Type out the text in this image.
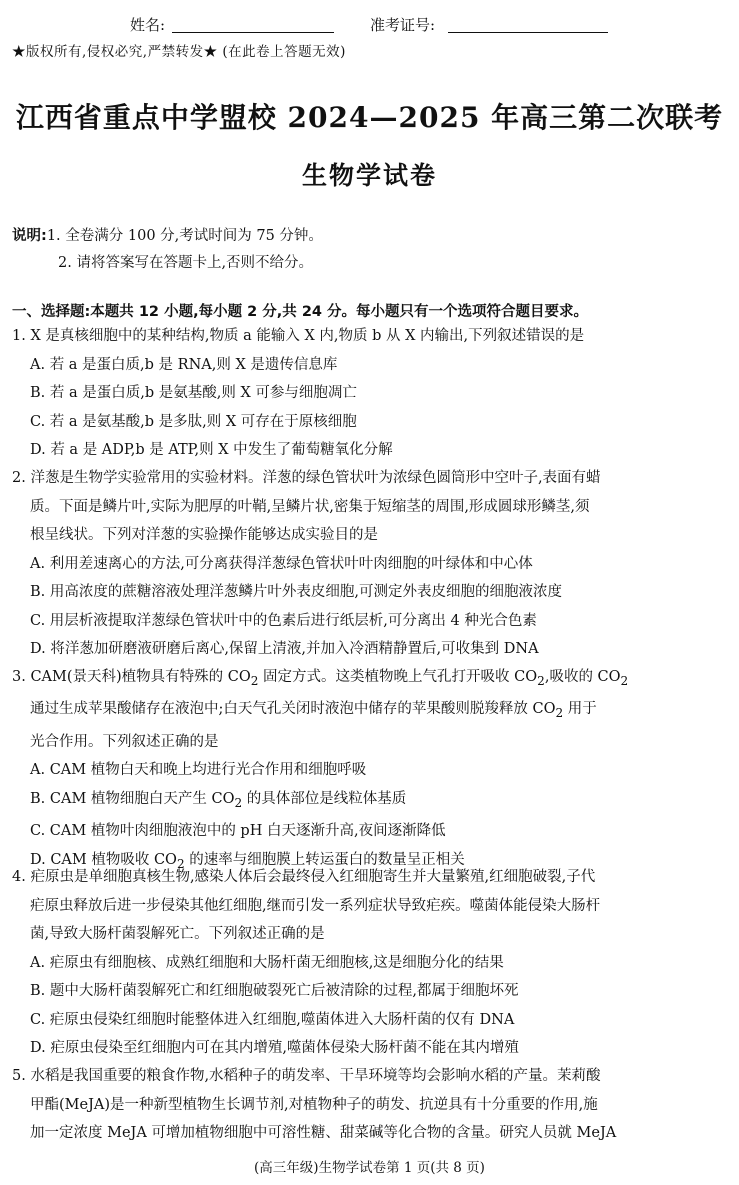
姓名:	准考证号:
★版权所有,侵权必究,严禁转发★ (在此卷上答题无效)
江西省重点中学盟校 2024—2025 年高三第二次联考
生物学试卷
说明:1. 全卷满分 100 分,考试时间为 75 分钟。
2. 请将答案写在答题卡上,否则不给分。
一、选择题:本题共 12 小题,每小题 2 分,共 24 分。每小题只有一个选项符合题目要求。
1. X 是真核细胞中的某种结构,物质 a 能输入 X 内,物质 b 从 X 内输出,下列叙述错误的是
A. 若 a 是蛋白质,b 是 RNA,则 X 是遗传信息库
B. 若 a 是蛋白质,b 是氨基酸,则 X 可参与细胞凋亡
C. 若 a 是氨基酸,b 是多肽,则 X 可存在于原核细胞
D. 若 a 是 ADP,b 是 ATP,则 X 中发生了葡萄糖氧化分解
2. 洋葱是生物学实验常用的实验材料。洋葱的绿色管状叶为浓绿色圆筒形中空叶子,表面有蜡
质。下面是鳞片叶,实际为肥厚的叶鞘,呈鳞片状,密集于短缩茎的周围,形成圆球形鳞茎,须
根呈线状。下列对洋葱的实验操作能够达成实验目的是
A. 利用差速离心的方法,可分离获得洋葱绿色管状叶叶肉细胞的叶绿体和中心体
B. 用高浓度的蔗糖溶液处理洋葱鳞片叶外表皮细胞,可测定外表皮细胞的细胞液浓度
C. 用层析液提取洋葱绿色管状叶中的色素后进行纸层析,可分离出 4 种光合色素
D. 将洋葱加研磨液研磨后离心,保留上清液,并加入冷酒精静置后,可收集到 DNA
3. CAM(景天科)植物具有特殊的 $CO_2$ 固定方式。这类植物晚上气孔打开吸收 $CO_2$,吸收的 $CO_2$
通过生成苹果酸储存在液泡中;白天气孔关闭时液泡中储存的苹果酸则脱羧释放 $CO_2$ 用于
光合作用。下列叙述正确的是
A. CAM 植物白天和晚上均进行光合作用和细胞呼吸
B. CAM 植物细胞白天产生 $CO_2$ 的具体部位是线粒体基质
C. CAM 植物叶肉细胞液泡中的 pH 白天逐渐升高,夜间逐渐降低
D. CAM 植物吸收 $CO_2$ 的速率与细胞膜上转运蛋白的数量呈正相关
4. 疟原虫是单细胞真核生物,感染人体后会最终侵入红细胞寄生并大量繁殖,红细胞破裂,子代
疟原虫释放后进一步侵染其他红细胞,继而引发一系列症状导致疟疾。噬菌体能侵染大肠杆
菌,导致大肠杆菌裂解死亡。下列叙述正确的是
A. 疟原虫有细胞核、成熟红细胞和大肠杆菌无细胞核,这是细胞分化的结果
B. 题中大肠杆菌裂解死亡和红细胞破裂死亡后被清除的过程,都属于细胞坏死
C. 疟原虫侵染红细胞时能整体进入红细胞,噬菌体进入大肠杆菌的仅有 DNA
D. 疟原虫侵染至红细胞内可在其内增殖,噬菌体侵染大肠杆菌不能在其内增殖
5. 水稻是我国重要的粮食作物,水稻种子的萌发率、干旱环境等均会影响水稻的产量。茉莉酸
甲酯(MeJA)是一种新型植物生长调节剂,对植物种子的萌发、抗逆具有十分重要的作用,施
加一定浓度 MeJA 可增加植物细胞中可溶性糖、甜菜碱等化合物的含量。研究人员就 MeJA
(高三年级)生物学试卷第 1 页(共 8 页)
